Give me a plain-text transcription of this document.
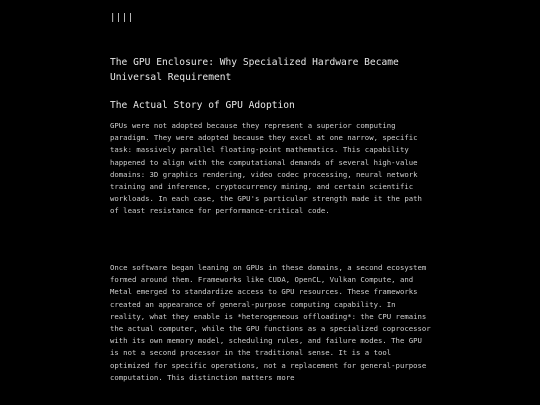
||||
The GPU Enclosure: Why Specialized Hardware Became Universal Requirement
The Actual Story of GPU Adoption

GPUs were not adopted because they represent a superior computing paradigm. They were adopted because they excel at one narrow, specific task: massively parallel floating-point mathematics. This capability happened to align with the computational demands of several high-value domains: 3D graphics rendering, video codec processing, neural network training and inference, cryptocurrency mining, and certain scientific workloads. In each case, the GPU's particular strength made it the path of least resistance for performance-critical code.

Once software began leaning on GPUs in these domains, a second ecosystem formed around them. Frameworks like CUDA, OpenCL, Vulkan Compute, and Metal emerged to standardize access to GPU resources. These frameworks created an appearance of general-purpose computing capability. In reality, what they enable is *heterogeneous offloading*: the CPU remains the actual computer, while the GPU functions as a specialized coprocessor with its own memory model, scheduling rules, and failure modes. The GPU is not a second processor in the traditional sense. It is a tool optimized for specific operations, not a replacement for general-purpose computation. This distinction matters more
